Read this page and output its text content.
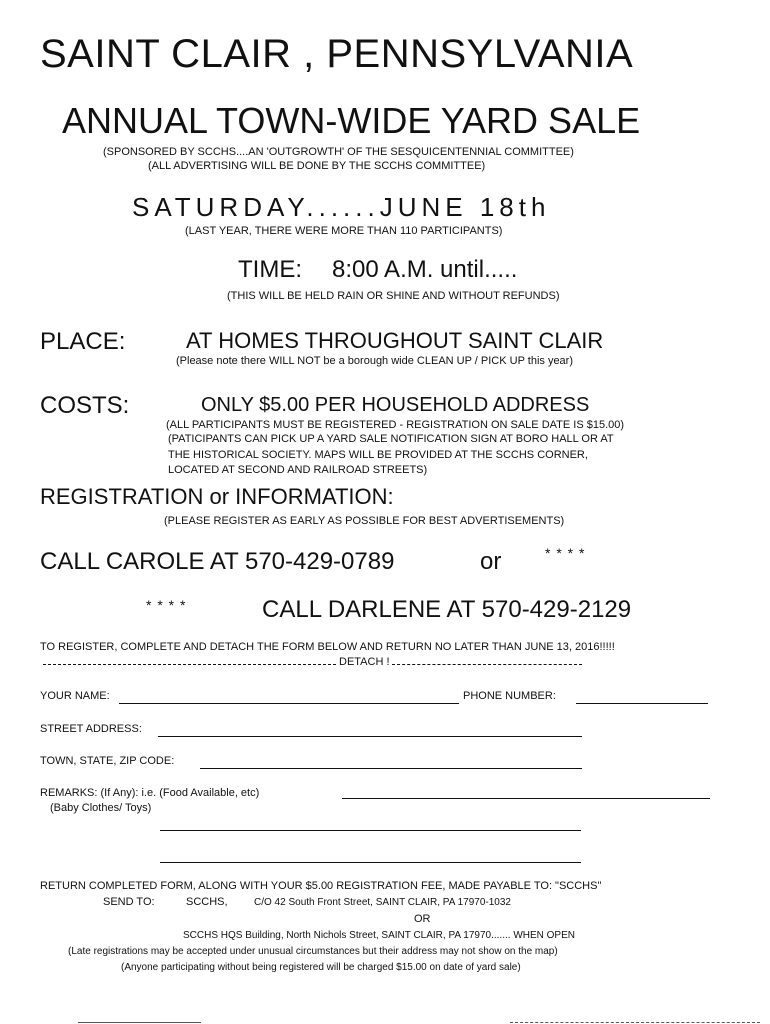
SAINT CLAIR , PENNSYLVANIA
ANNUAL TOWN-WIDE YARD SALE
(SPONSORED BY SCCHS....AN 'OUTGROWTH' OF THE SESQUICENTENNIAL COMMITTEE)
(ALL ADVERTISING WILL BE DONE BY THE SCCHS COMMITTEE)
SATURDAY......JUNE 18th
(LAST YEAR, THERE WERE MORE THAN 110 PARTICIPANTS)
TIME: 8:00 A.M. until.....
(THIS WILL BE HELD RAIN OR SHINE AND WITHOUT REFUNDS)
PLACE:	AT HOMES THROUGHOUT SAINT CLAIR
(Please note there WILL NOT be a borough wide CLEAN UP / PICK UP this year)
COSTS:	ONLY $5.00 PER HOUSEHOLD ADDRESS
(ALL PARTICIPANTS MUST BE REGISTERED - REGISTRATION ON SALE DATE IS $15.00)
(PATICIPANTS CAN PICK UP A YARD SALE NOTIFICATION SIGN AT BORO HALL OR AT
THE HISTORICAL SOCIETY. MAPS WILL BE PROVIDED AT THE SCCHS CORNER,
LOCATED AT SECOND AND RAILROAD STREETS)
REGISTRATION or INFORMATION:
(PLEASE REGISTER AS EARLY AS POSSIBLE FOR BEST ADVERTISEMENTS)
CALL CAROLE AT 570-429-0789	or	* * * *
* * * *	CALL DARLENE AT 570-429-2129
TO REGISTER, COMPLETE AND DETACH THE FORM BELOW AND RETURN NO LATER THAN JUNE 13, 2016!!!!!
DETACH !
YOUR NAME:	PHONE NUMBER:
STREET ADDRESS:
TOWN, STATE, ZIP CODE:
REMARKS: (If Any): i.e. (Food Available, etc)
(Baby Clothes/ Toys)
RETURN COMPLETED FORM, ALONG WITH YOUR $5.00 REGISTRATION FEE, MADE PAYABLE TO: "SCCHS"
SEND TO:	SCCHS,	C/O 42 South Front Street, SAINT CLAIR, PA 17970-1032
OR
SCCHS HQS Building, North Nichols Street, SAINT CLAIR, PA 17970....... WHEN OPEN
(Late registrations may be accepted under unusual circumstances but their address may not show on the map)
(Anyone participating without being registered will be charged $15.00 on date of yard sale)
